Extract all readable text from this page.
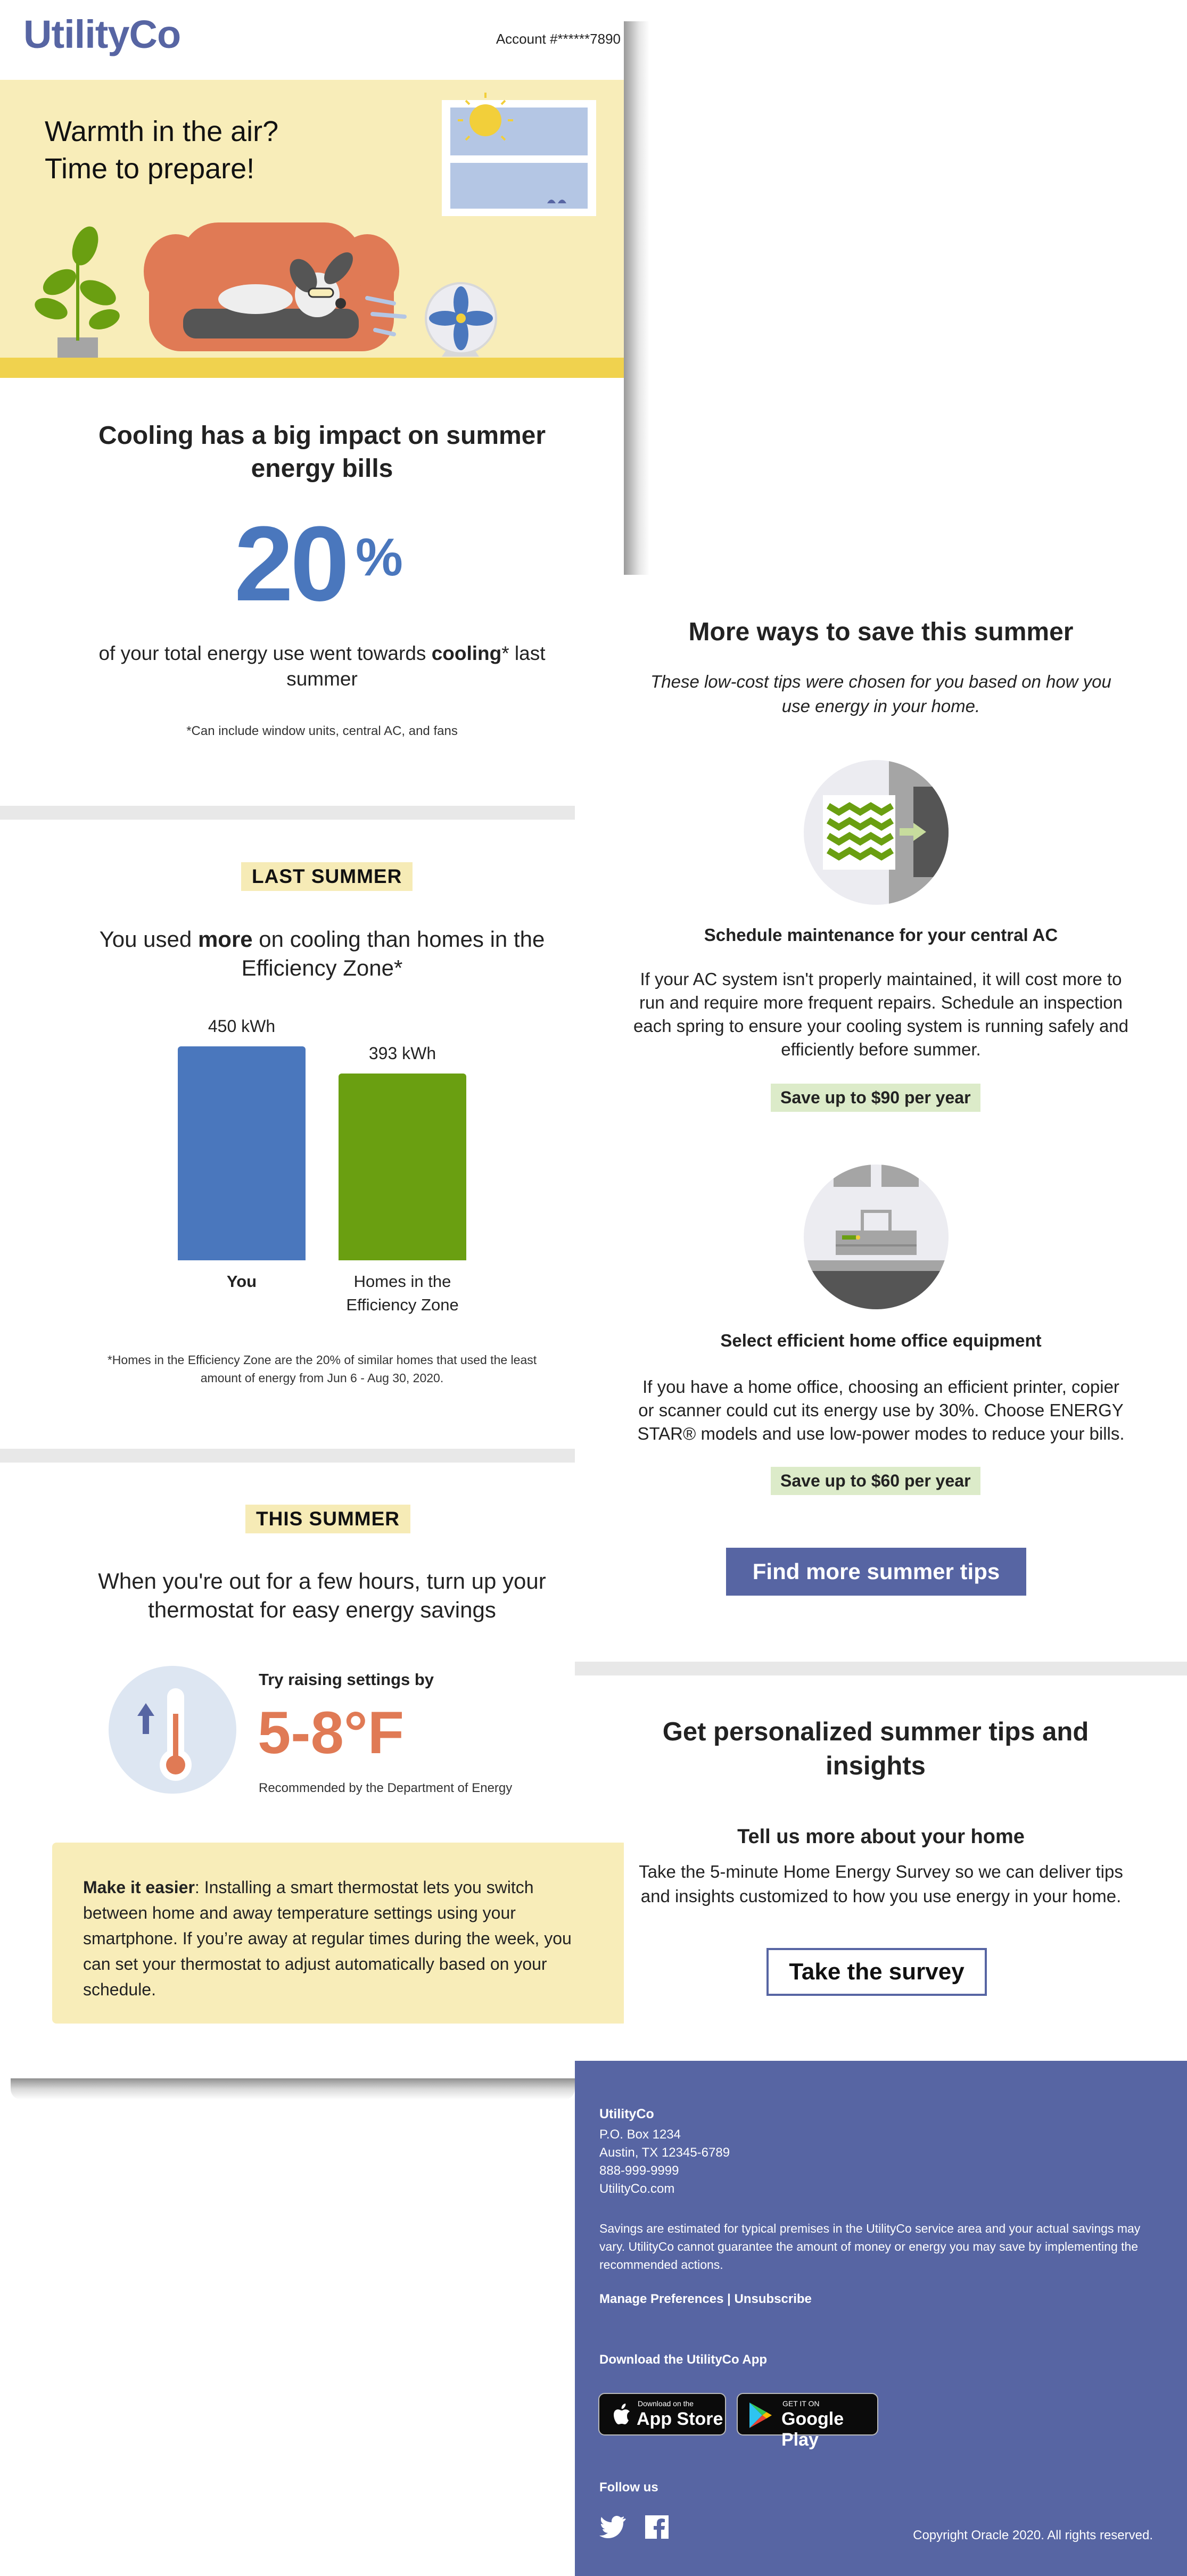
UtilityCo	Account #******7890
Warmth in the air?
Time to prepare!
Cooling has a big impact on summer energy bills
20 %
of your total energy use went towards cooling* last summer
*Can include window units, central AC, and fans
LAST SUMMER
You used more on cooling than homes in the Efficiency Zone*
450 kWh
You
393 kWh
Homes in the
Efficiency Zone
*Homes in the Efficiency Zone are the 20% of similar homes that used the least amount of energy from Jun 6 - Aug 30, 2020.
THIS SUMMER
When you're out for a few hours, turn up your thermostat for easy energy savings
Try raising settings by
5-8°F
Recommended by the Department of Energy
Make it easier: Installing a smart thermostat lets you switch between home and away temperature settings using your smartphone. If you’re away at regular times during the week, you can set your thermostat to adjust automatically based on your schedule.
More ways to save this summer
These low-cost tips were chosen for you based on how you use energy in your home.
Schedule maintenance for your central AC
If your AC system isn't properly maintained, it will cost more to run and require more frequent repairs. Schedule an inspection each spring to ensure your cooling system is running safely and efficiently before summer.
Save up to $90 per year
Select efficient home office equipment
If you have a home office, choosing an efficient printer, copier or scanner could cut its energy use by 30%. Choose ENERGY STAR® models and use low-power modes to reduce your bills.
Save up to $60 per year
Find more summer tips
Get personalized summer tips and insights
Tell us more about your home
Take the 5-minute Home Energy Survey so we can deliver tips and insights customized to how you use energy in your home.
Take the survey
UtilityCo
P.O. Box 1234
Austin, TX 12345-6789
888-999-9999
UtilityCo.com
Savings are estimated for typical premises in the UtilityCo service area and your actual savings may vary. UtilityCo cannot guarantee the amount of money or energy you may save by implementing the recommended actions.
Manage Preferences | Unsubscribe
Download the UtilityCo App
Download on the
App Store
GET IT ON
Google Play
Follow us
Copyright Oracle 2020. All rights reserved.
